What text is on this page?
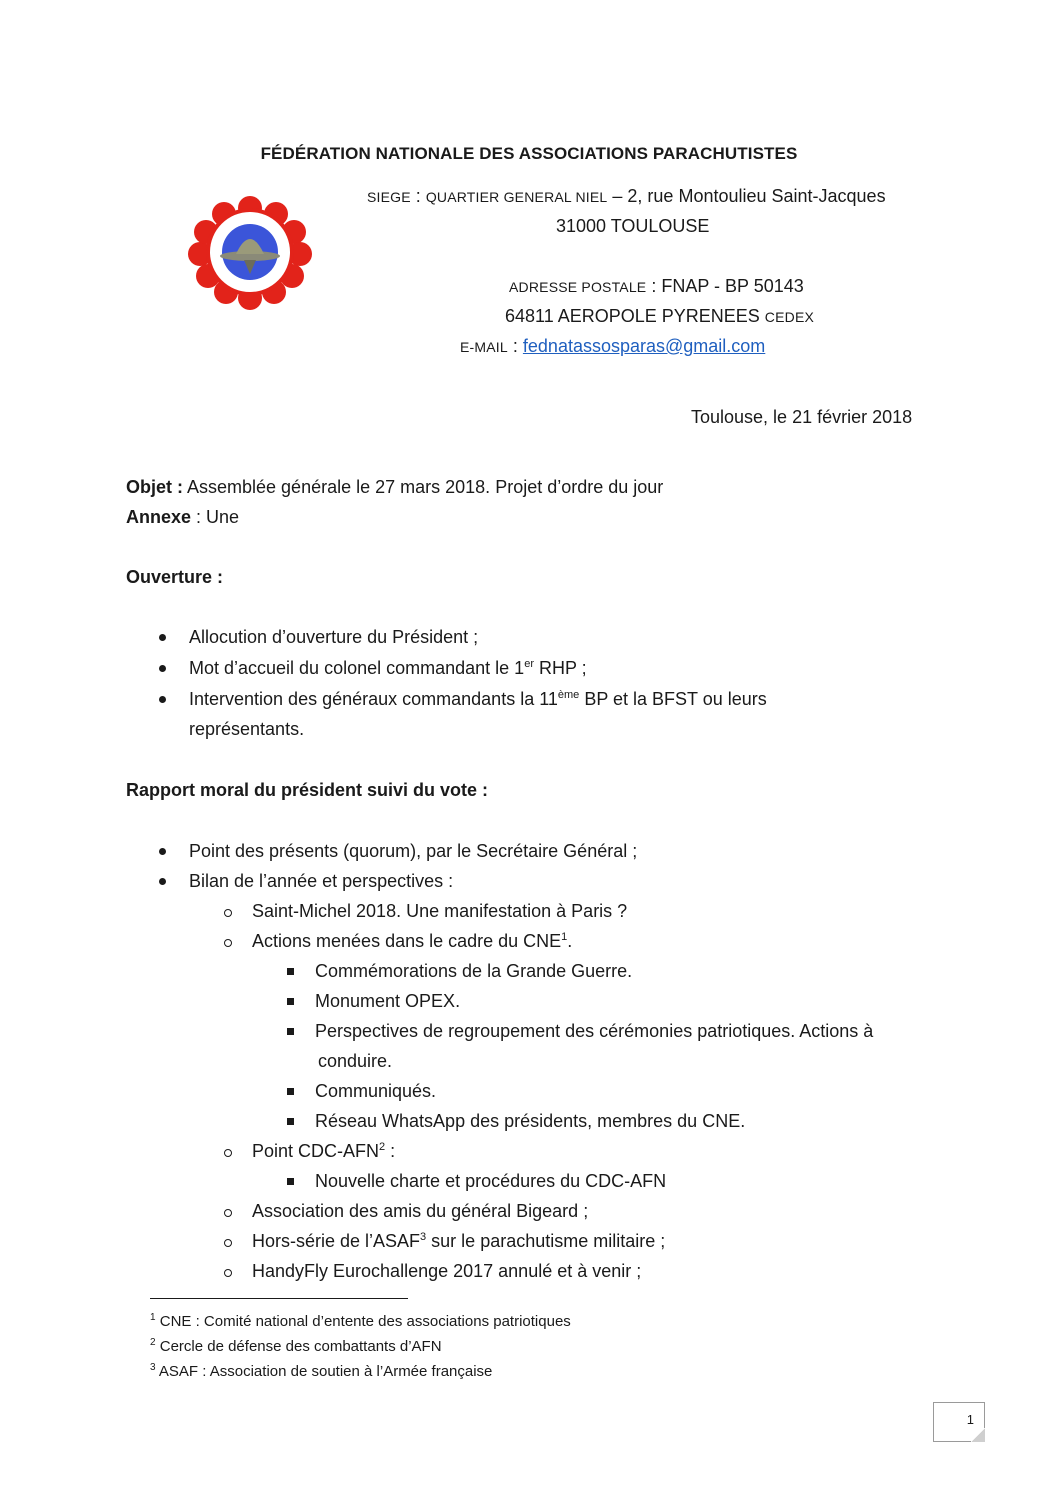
FÉDÉRATION NATIONALE DES ASSOCIATIONS PARACHUTISTES
SIEGE : QUARTIER GENERAL NIEL – 2, rue Montoulieu Saint-Jacques
31000 TOULOUSE
ADRESSE POSTALE : FNAP - BP 50143
64811 AEROPOLE PYRENEES CEDEX
E-MAIL : fednatassosparas@gmail.com
Toulouse, le 21 février 2018
Objet : Assemblée générale le 27 mars 2018. Projet d’ordre du jour
Annexe : Une
Ouverture :
Allocution d’ouverture du Président ;
Mot d’accueil du colonel commandant le 1er RHP ;
Intervention des généraux commandants la 11ème BP et la BFST ou leurs
représentants.
Rapport moral du président suivi du vote :
Point des présents (quorum), par le Secrétaire Général ;
Bilan de l’année et perspectives :
Saint-Michel 2018. Une manifestation à Paris ?
Actions menées dans le cadre du CNE$^1$.
Commémorations de la Grande Guerre.
Monument OPEX.
Perspectives de regroupement des cérémonies patriotiques. Actions à
conduire.
Communiqués.
Réseau WhatsApp des présidents, membres du CNE.
Point CDC-AFN$^2$ :
Nouvelle charte et procédures du CDC-AFN
Association des amis du général Bigeard ;
Hors-série de l’ASAF$^3$ sur le parachutisme militaire ;
HandyFly Eurochallenge 2017 annulé et à venir ;
$^1$ CNE : Comité national d’entente des associations patriotiques
$^2$ Cercle de défense des combattants d’AFN
$^3$ ASAF : Association de soutien à l’Armée française
1
